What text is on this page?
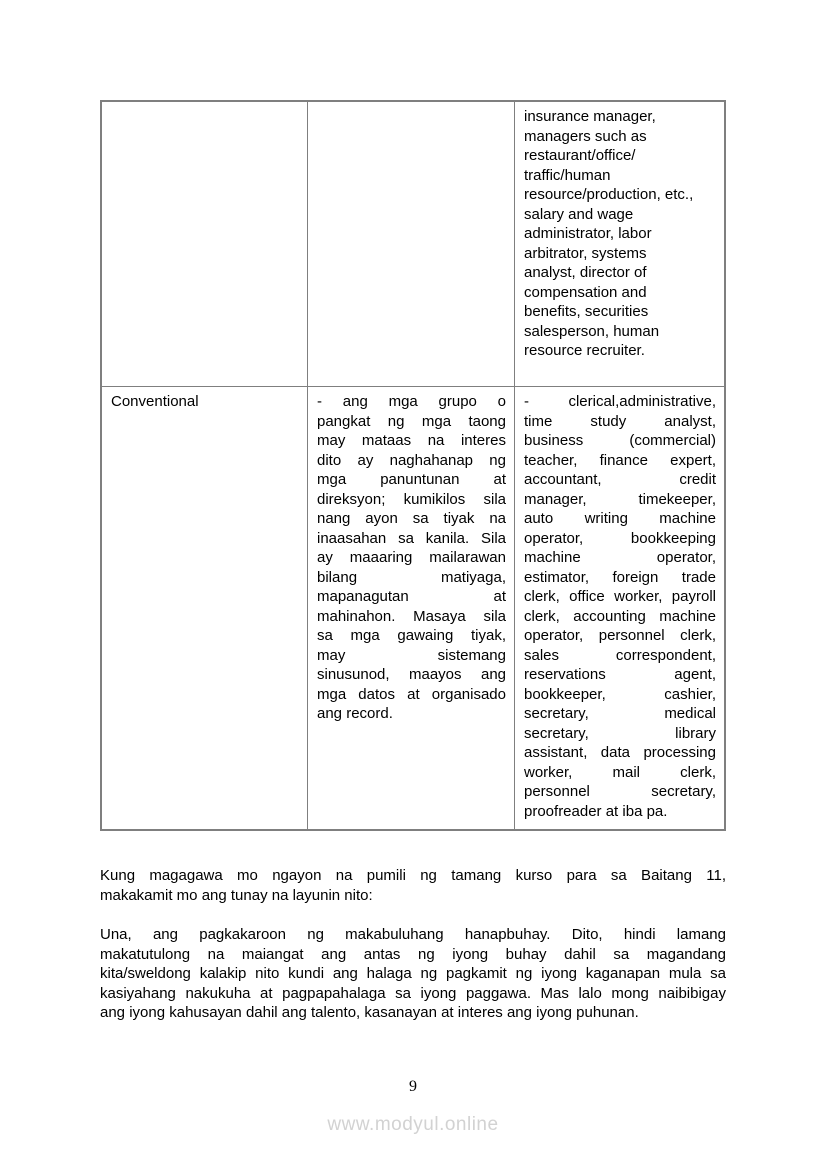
insurance manager,
managers such as
restaurant/office/
traffic/human
resource/production, etc.,
salary and wage
administrator, labor
arbitrator, systems
analyst, director of
compensation and
benefits, securities
salesperson, human
resource recruiter.
Conventional	- ang mga grupo o
pangkat ng mga taong
may mataas na interes
dito ay naghahanap ng
mga panuntunan at
direksyon; kumikilos sila
nang ayon sa tiyak na
inaasahan sa kanila. Sila
ay maaaring mailarawan
bilang matiyaga,
mapanagutan at
mahinahon. Masaya sila
sa mga gawaing tiyak,
may sistemang
sinusunod, maayos ang
mga datos at organisado
ang record.
- clerical,administrative,
time study analyst,
business (commercial)
teacher, finance expert,
accountant, credit
manager, timekeeper,
auto writing machine
operator, bookkeeping
machine operator,
estimator, foreign trade
clerk, office worker, payroll
clerk, accounting machine
operator, personnel clerk,
sales correspondent,
reservations agent,
bookkeeper, cashier,
secretary, medical
secretary, library
assistant, data processing
worker, mail clerk,
personnel secretary,
proofreader at iba pa.
Kung magagawa mo ngayon na pumili ng tamang kurso para sa Baitang 11,
makakamit mo ang tunay na layunin nito:
Una, ang pagkakaroon ng makabuluhang hanapbuhay. Dito, hindi lamang
makatutulong na maiangat ang antas ng iyong buhay dahil sa magandang
kita/sweldong kalakip nito kundi ang halaga ng pagkamit ng iyong kaganapan mula sa
kasiyahang nakukuha at pagpapahalaga sa iyong paggawa. Mas lalo mong naibibigay
ang iyong kahusayan dahil ang talento, kasanayan at interes ang iyong puhunan.
9
www.modyul.online
